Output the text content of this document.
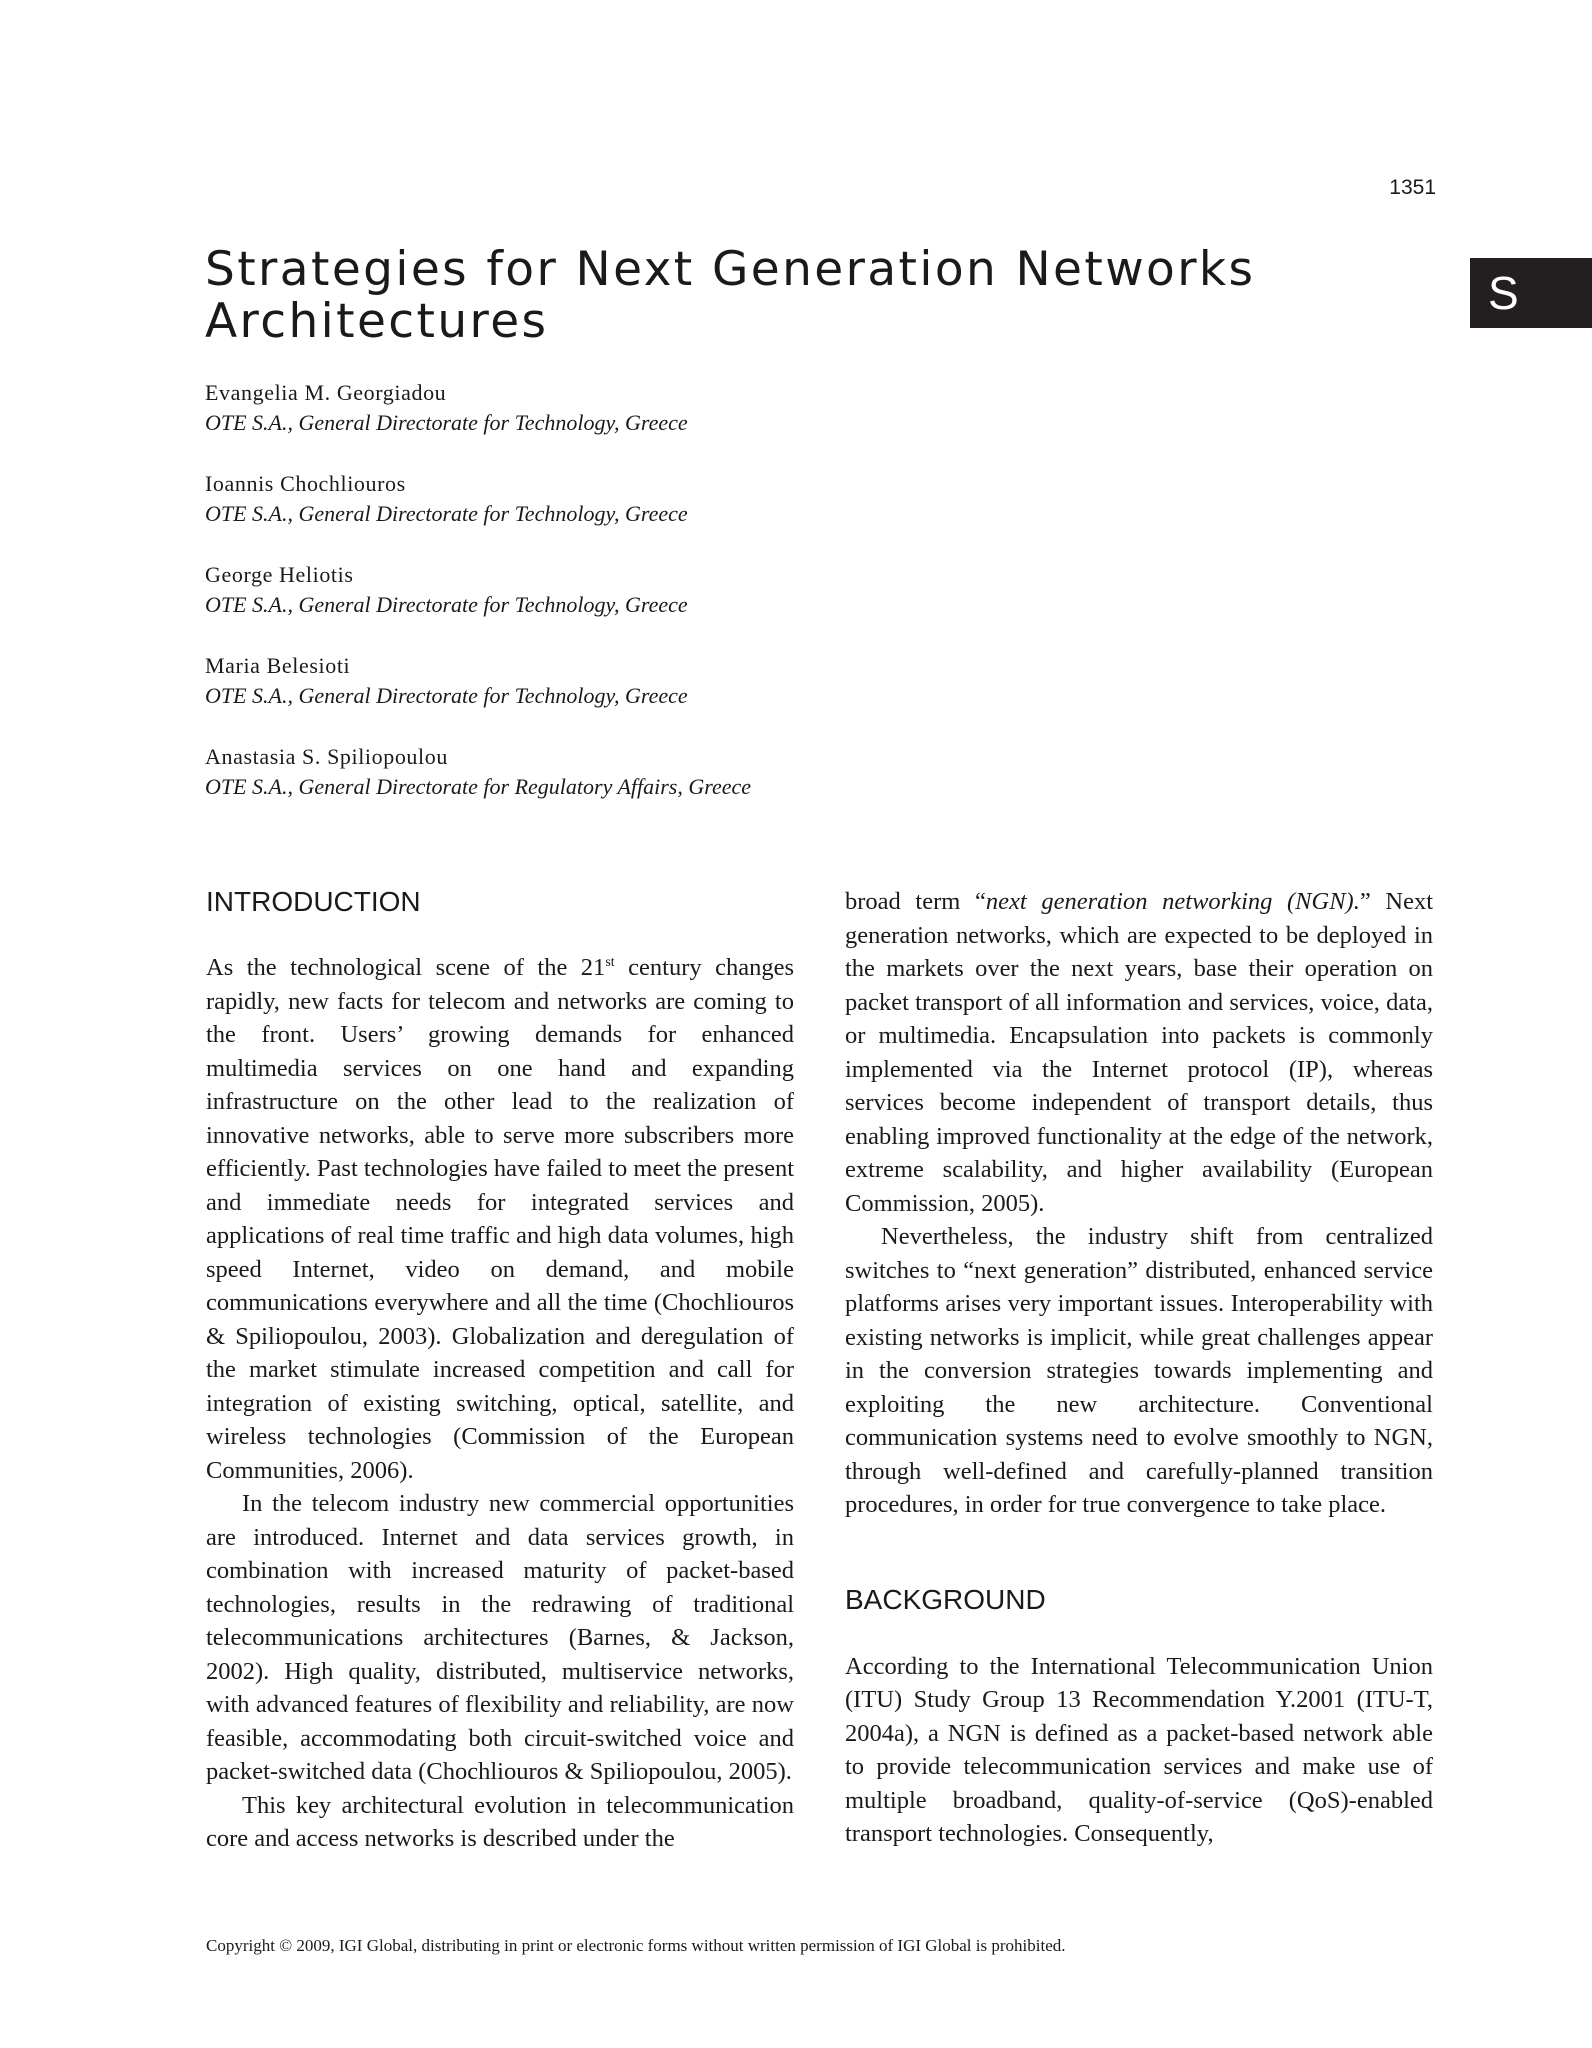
1351
S
Strategies for Next Generation Networks Architectures
Evangelia M. Georgiadou
OTE S.A., General Directorate for Technology, Greece
Ioannis Chochliouros
OTE S.A., General Directorate for Technology, Greece
George Heliotis
OTE S.A., General Directorate for Technology, Greece
Maria Belesioti
OTE S.A., General Directorate for Technology, Greece
Anastasia S. Spiliopoulou
OTE S.A., General Directorate for Regulatory Affairs, Greece
INTRODUCTION

As the technological scene of the 21st century changes rapidly, new facts for telecom and networks are coming to the front. Users’ growing demands for enhanced multimedia services on one hand and expanding infrastructure on the other lead to the realization of innovative networks, able to serve more subscribers more efficiently. Past technologies have failed to meet the present and immediate needs for integrated services and applications of real time traffic and high data volumes, high speed Internet, video on demand, and mobile communications everywhere and all the time (Chochliouros & Spiliopoulou, 2003). Globalization and deregulation of the market stimulate increased competition and call for integration of existing switching, optical, satellite, and wireless technologies (Commission of the European Communities, 2006).

In the telecom industry new commercial opportunities are introduced. Internet and data services growth, in combination with increased maturity of packet-based technologies, results in the redrawing of traditional telecommunications architectures (Barnes, & Jackson, 2002). High quality, distributed, multiservice networks, with advanced features of flexibility and reliability, are now feasible, accommodating both circuit-switched voice and packet-switched data (Chochliouros & Spiliopoulou, 2005).

This key architectural evolution in telecommunication core and access networks is described under the

broad term “next generation networking (NGN).” Next generation networks, which are expected to be deployed in the markets over the next years, base their operation on packet transport of all information and services, voice, data, or multimedia. Encapsulation into packets is commonly implemented via the Internet protocol (IP), whereas services become independent of transport details, thus enabling improved functionality at the edge of the network, extreme scalability, and higher availability (European Commission, 2005).

Nevertheless, the industry shift from centralized switches to “next generation” distributed, enhanced service platforms arises very important issues. Interoperability with existing networks is implicit, while great challenges appear in the conversion strategies towards implementing and exploiting the new architecture. Conventional communication systems need to evolve smoothly to NGN, through well-defined and carefully-planned transition procedures, in order for true convergence to take place.

BACKGROUND

According to the International Telecommunication Union (ITU) Study Group 13 Recommendation Y.2001 (ITU-T, 2004a), a NGN is defined as a packet-based network able to provide telecommunication services and make use of multiple broadband, quality-of-service (QoS)-enabled transport technologies. Consequently,

Copyright © 2009, IGI Global, distributing in print or electronic forms without written permission of IGI Global is prohibited.
